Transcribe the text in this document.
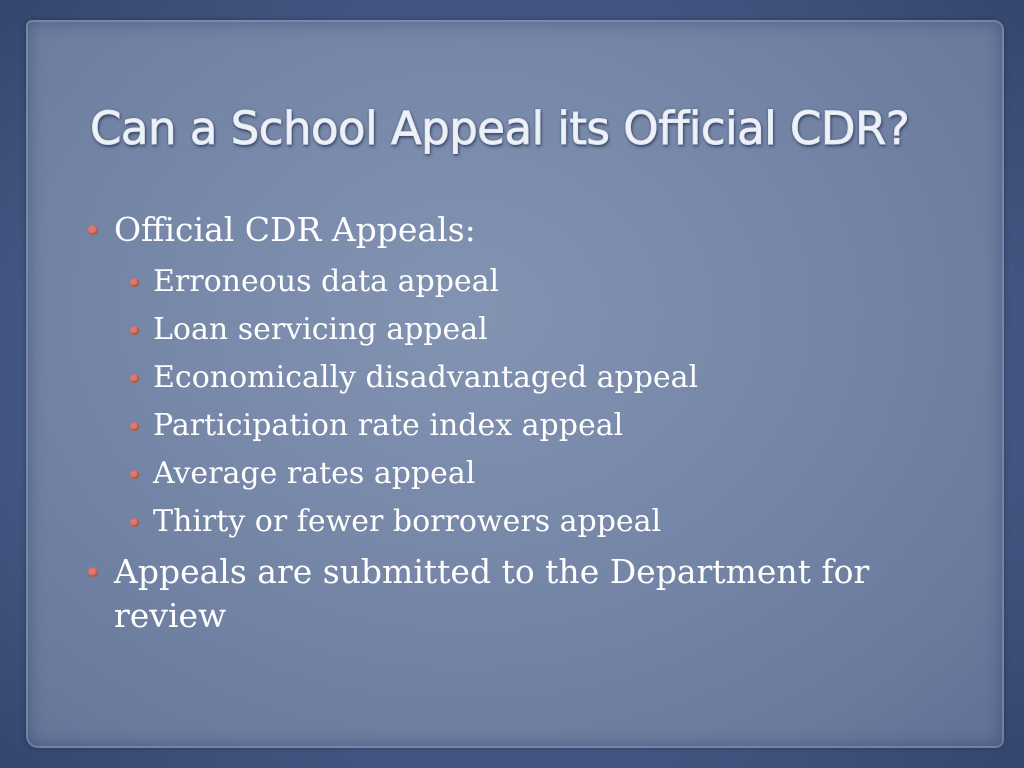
Can a School Appeal its Official CDR?
Official CDR Appeals:
Erroneous data appeal
Loan servicing appeal
Economically disadvantaged appeal
Participation rate index appeal
Average rates appeal
Thirty or fewer borrowers appeal
Appeals are submitted to the Department for review
